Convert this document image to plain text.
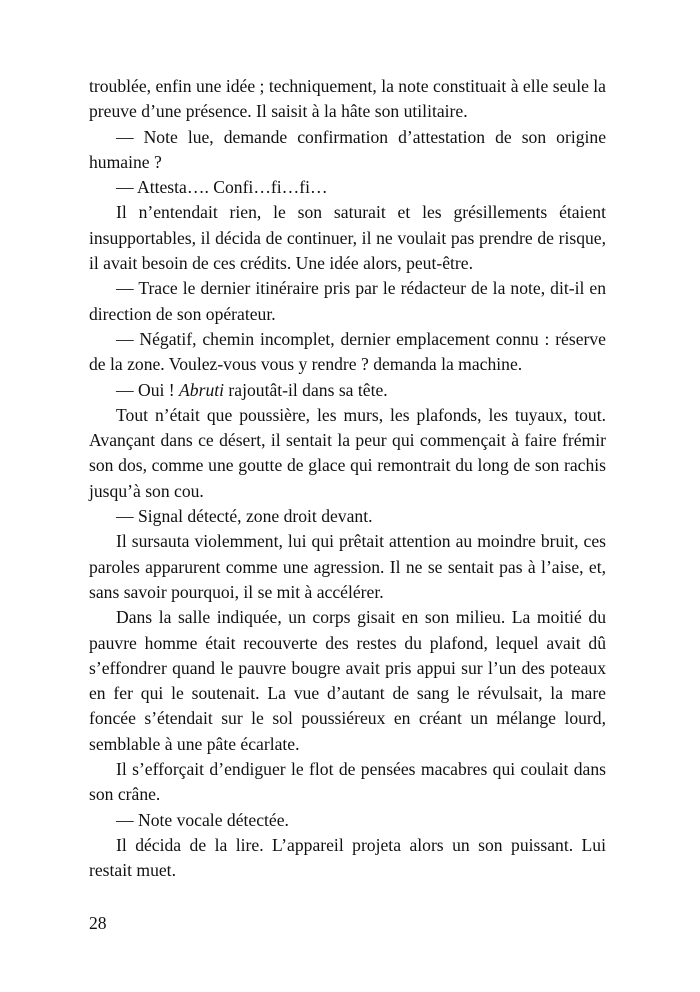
troublée, enfin une idée ; techniquement, la note constituait à elle seule la preuve d’une présence. Il saisit à la hâte son utilitaire.

— Note lue, demande confirmation d’attestation de son origine humaine ?

— Attesta…. Confi…fi…fi…

Il n’entendait rien, le son saturait et les grésillements étaient insupportables, il décida de continuer, il ne voulait pas prendre de risque, il avait besoin de ces crédits. Une idée alors, peut-être.

— Trace le dernier itinéraire pris par le rédacteur de la note, dit-il en direction de son opérateur.

— Négatif, chemin incomplet, dernier emplacement connu : réserve de la zone. Voulez-vous vous y rendre ? demanda la machine.

— Oui ! Abruti rajoutât-il dans sa tête.

Tout n’était que poussière, les murs, les plafonds, les tuyaux, tout. Avançant dans ce désert, il sentait la peur qui commençait à faire frémir son dos, comme une goutte de glace qui remontrait du long de son rachis jusqu’à son cou.

— Signal détecté, zone droit devant.

Il sursauta violemment, lui qui prêtait attention au moindre bruit, ces paroles apparurent comme une agression. Il ne se sentait pas à l’aise, et, sans savoir pourquoi, il se mit à accélérer.

Dans la salle indiquée, un corps gisait en son milieu. La moitié du pauvre homme était recouverte des restes du plafond, lequel avait dû s’effondrer quand le pauvre bougre avait pris appui sur l’un des poteaux en fer qui le soutenait. La vue d’autant de sang le révulsait, la mare foncée s’étendait sur le sol poussiéreux en créant un mélange lourd, semblable à une pâte écarlate.

Il s’efforçait d’endiguer le flot de pensées macabres qui coulait dans son crâne.

— Note vocale détectée.

Il décida de la lire. L’appareil projeta alors un son puissant. Lui restait muet.

28
